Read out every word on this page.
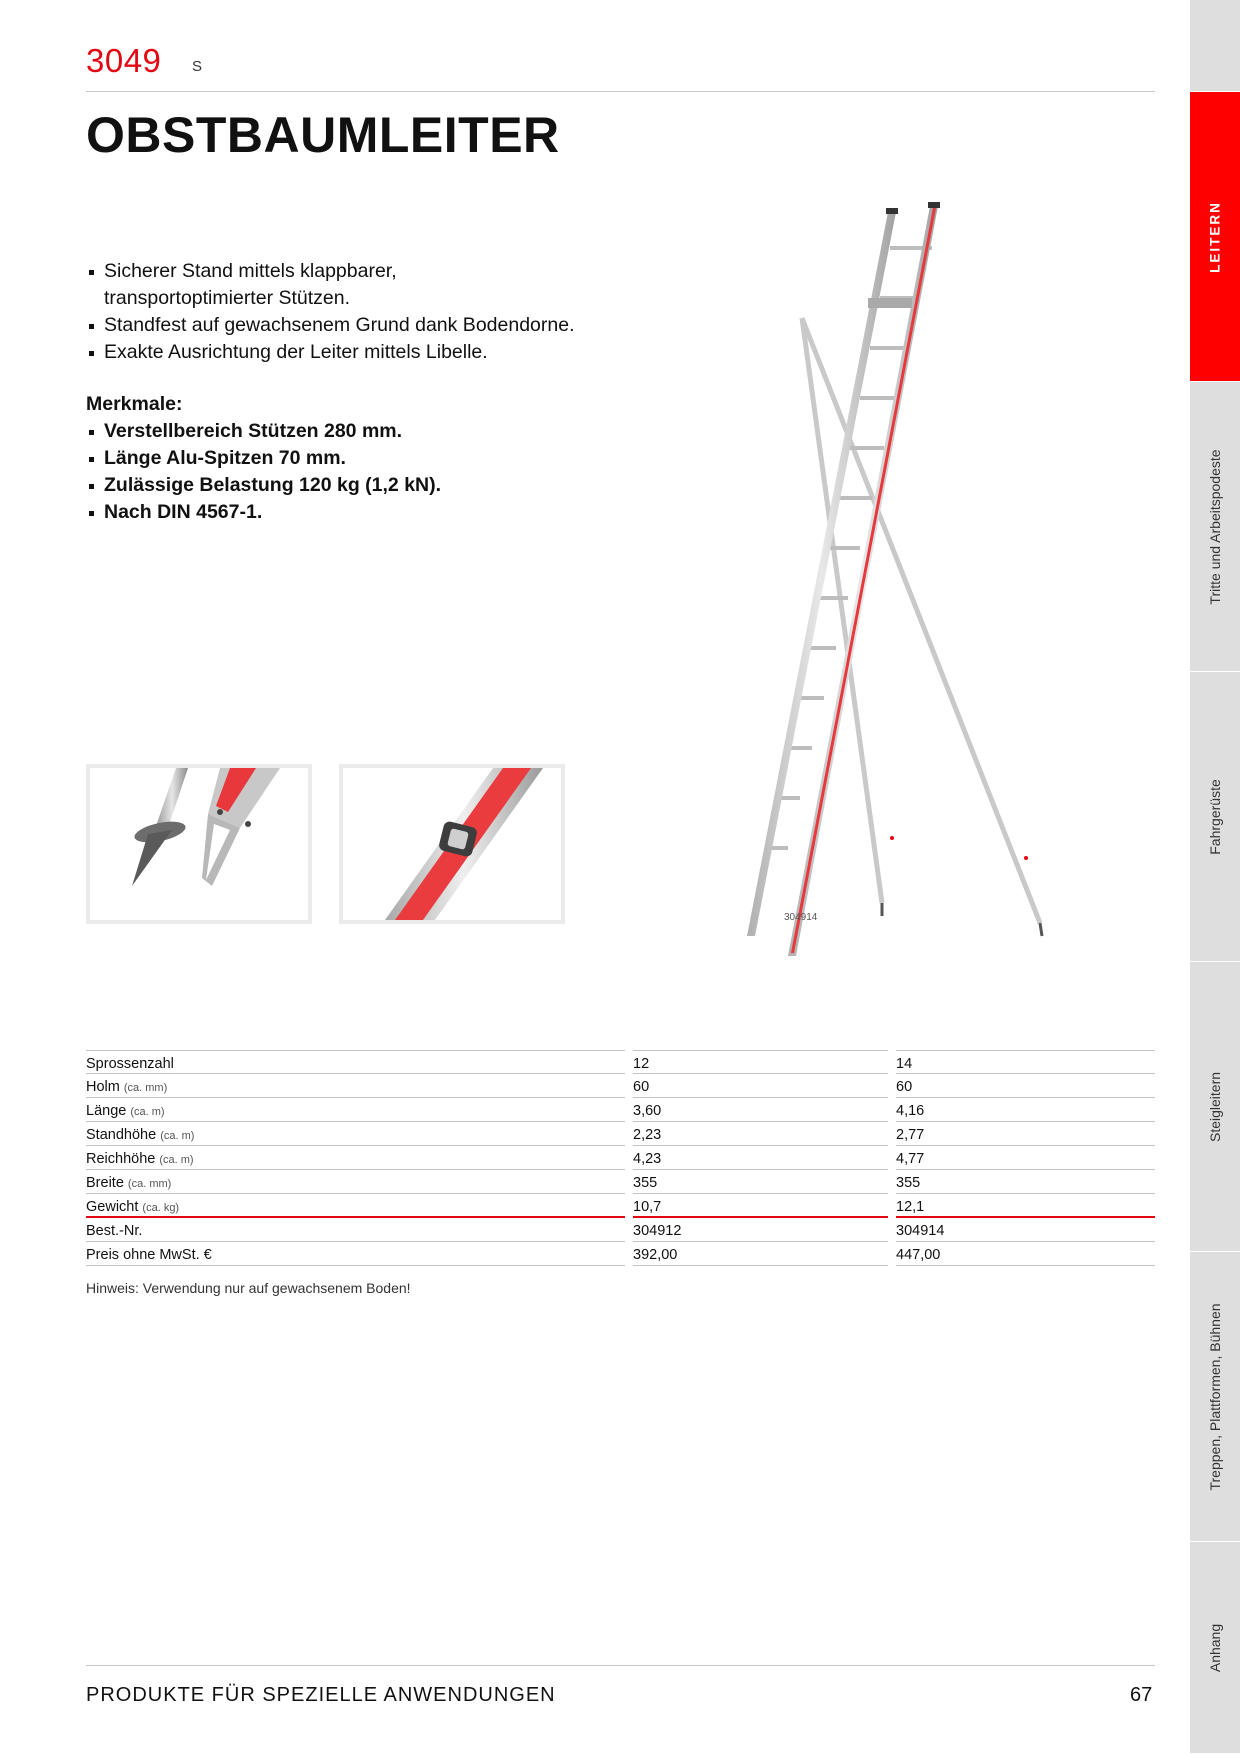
3049 S
OBSTBAUMLEITER
Sicherer Stand mittels klappbarer, transportoptimierter Stützen.
Standfest auf gewachsenem Grund dank Bodendorne.
Exakte Ausrichtung der Leiter mittels Libelle.
Merkmale:
Verstellbereich Stützen 280 mm.
Länge Alu-Spitzen 70 mm.
Zulässige Belastung 120 kg (1,2 kN).
Nach DIN 4567-1.
304914
Sprossenzahl	12	14
Holm (ca. mm)	60	60
Länge (ca. m)	3,60	4,16
Standhöhe (ca. m)	2,23	2,77
Reichhöhe (ca. m)	4,23	4,77
Breite (ca. mm)	355	355
Gewicht (ca. kg)	10,7	12,1
Best.-Nr.	304912	304914
Preis ohne MwSt. €	392,00	447,00
Hinweis: Verwendung nur auf gewachsenem Boden!
PRODUKTE FÜR SPEZIELLE ANWENDUNGEN	67
LEITERN
Tritte und Arbeitspodeste
Fahrgerüste
Steigleitern
Treppen, Plattformen, Bühnen
Anhang
